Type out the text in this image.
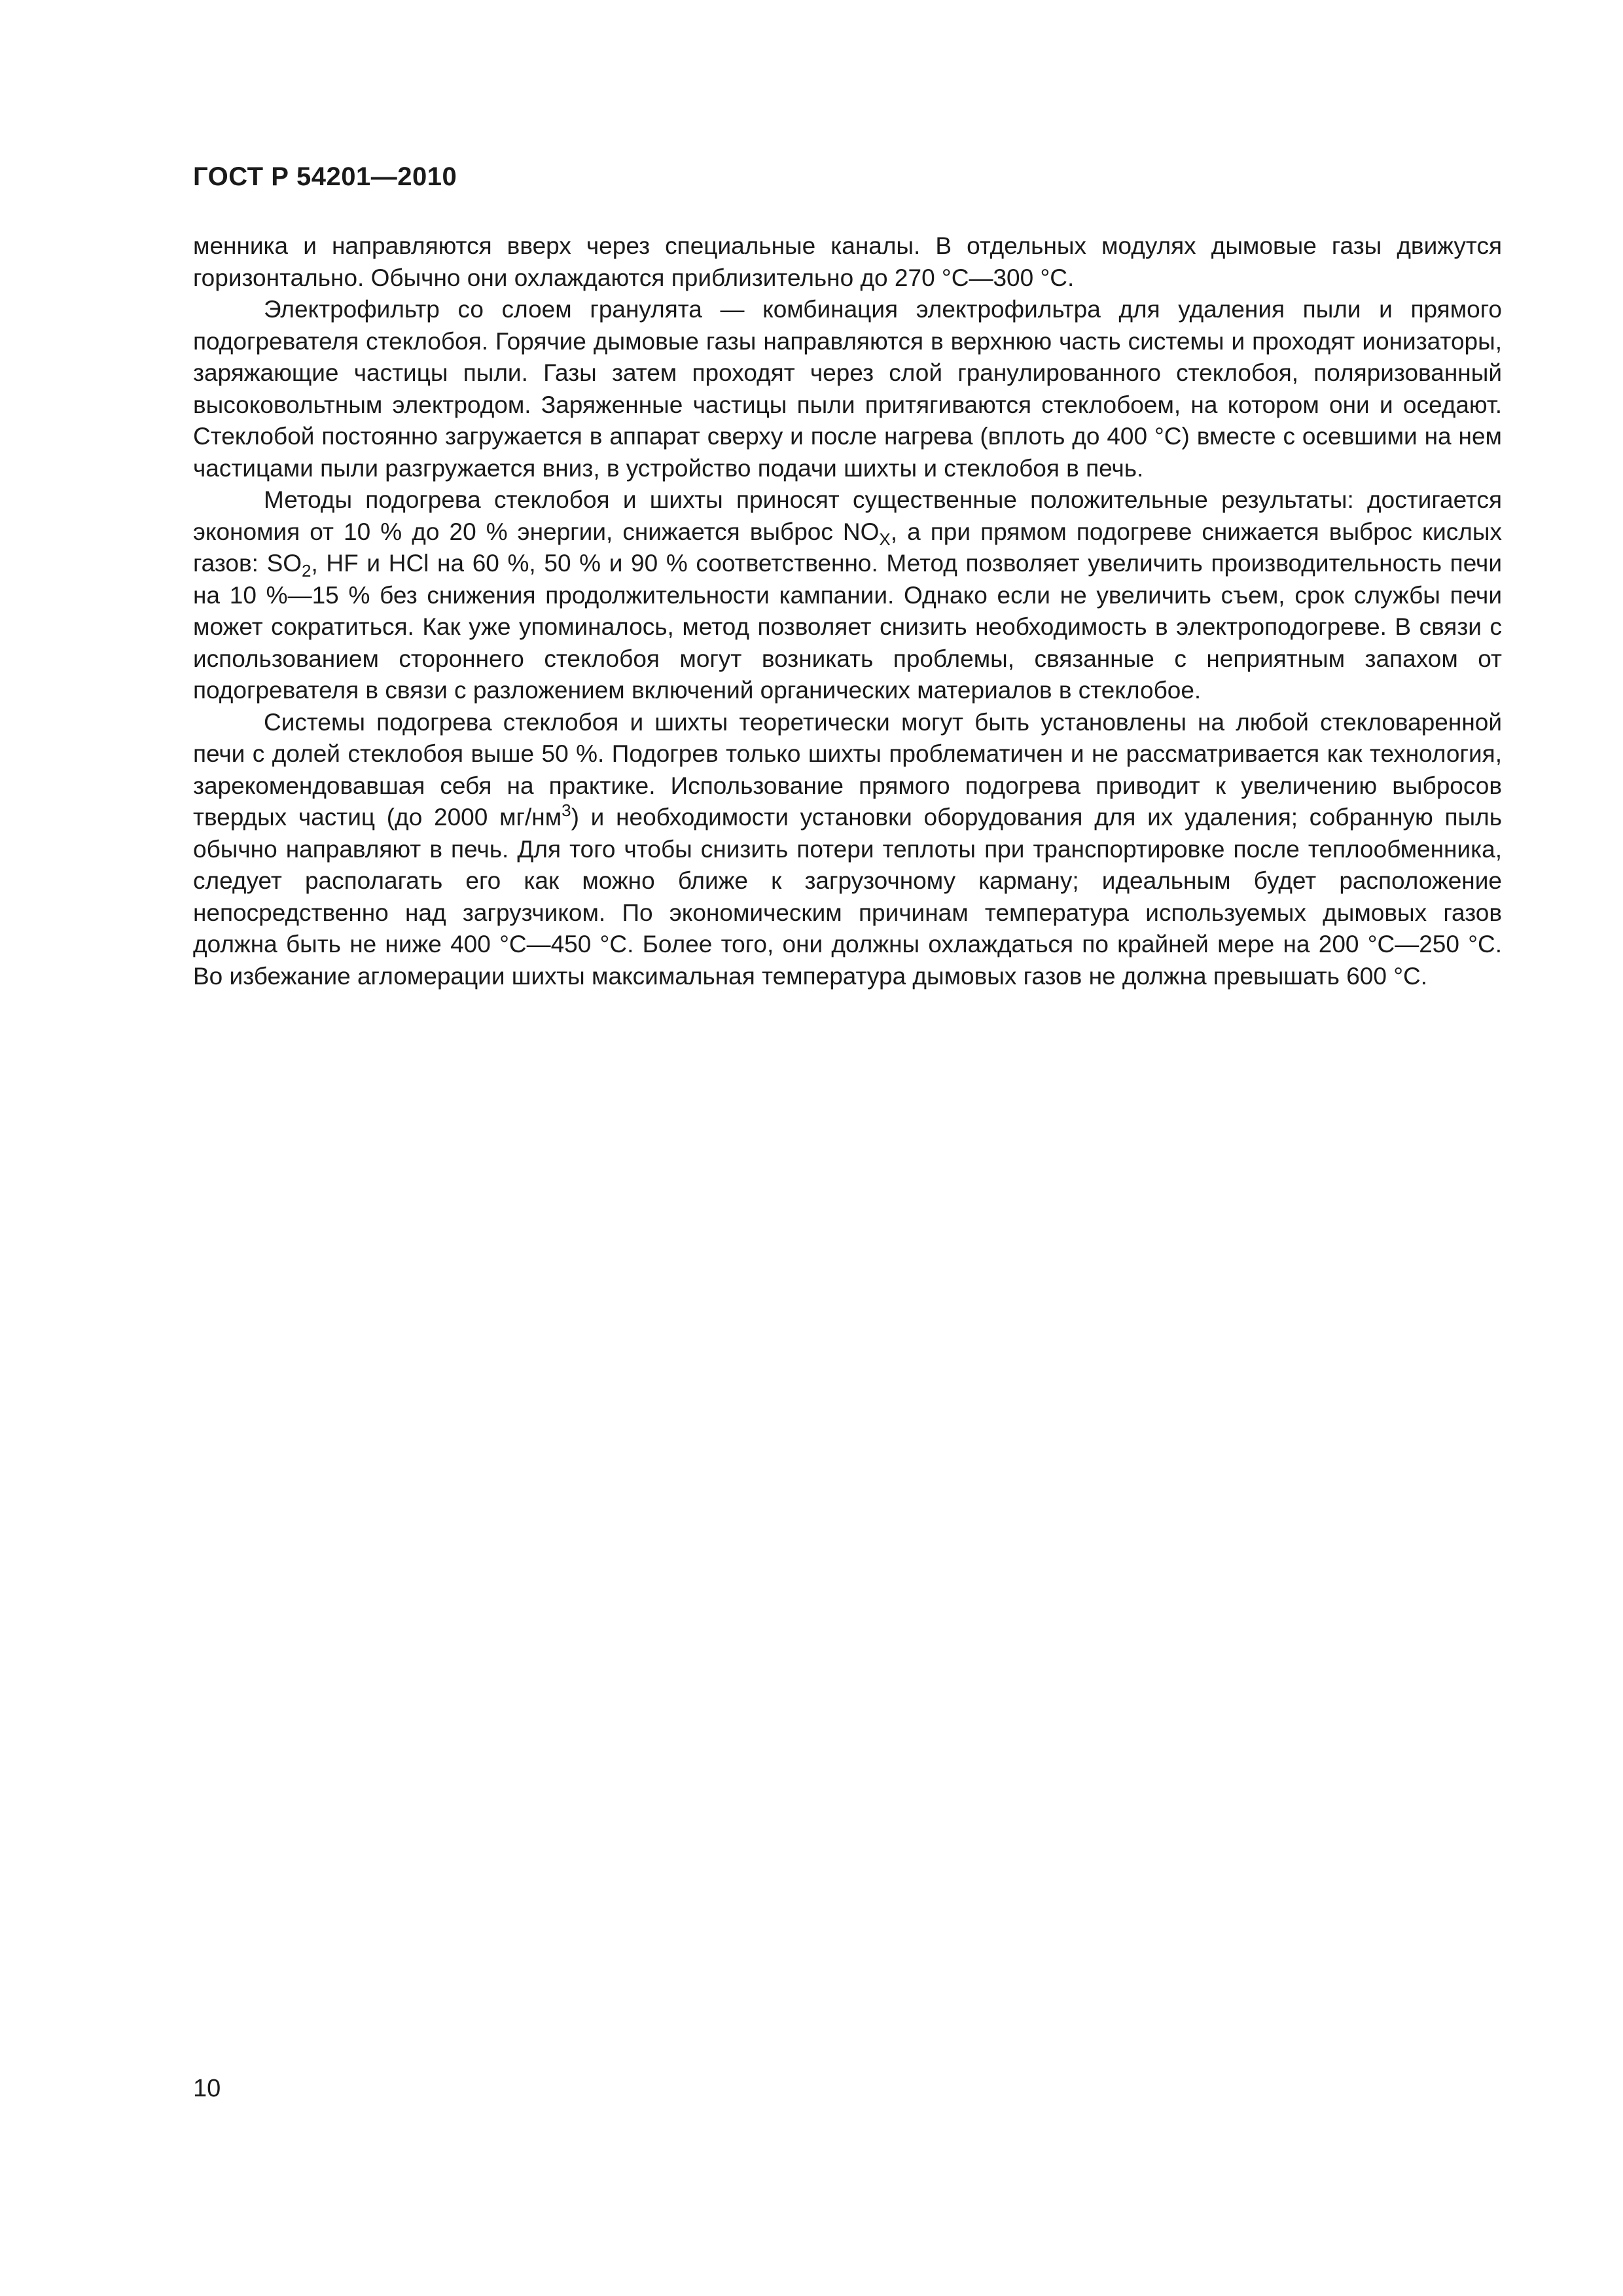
ГОСТ Р 54201—2010

менника и направляются вверх через специальные каналы. В отдельных модулях дымовые газы движутся горизонтально. Обычно они охлаждаются приблизительно до 270 °С—300 °С.

Электрофильтр со слоем гранулята — комбинация электрофильтра для удаления пыли и прямого подогревателя стеклобоя. Горячие дымовые газы направляются в верхнюю часть системы и проходят ионизаторы, заряжающие частицы пыли. Газы затем проходят через слой гранулированного стеклобоя, поляризованный высоковольтным электродом. Заряженные частицы пыли притягиваются стеклобоем, на котором они и оседают. Стеклобой постоянно загружается в аппарат сверху и после нагрева (вплоть до 400 °С) вместе с осевшими на нем частицами пыли разгружается вниз, в устройство подачи шихты и стеклобоя в печь.

Методы подогрева стеклобоя и шихты приносят существенные положительные результаты: достигается экономия от 10 % до 20 % энергии, снижается выброс $NO_X$, а при прямом подогреве снижается выброс кислых газов: $SO_2$, HF и HCl на 60 %, 50 % и 90 % соответственно. Метод позволяет увеличить производительность печи на 10 %—15 % без снижения продолжительности кампании. Однако если не увеличить съем, срок службы печи может сократиться. Как уже упоминалось, метод позволяет снизить необходимость в электроподогреве. В связи с использованием стороннего стеклобоя могут возникать проблемы, связанные с неприятным запахом от подогревателя в связи с разложением включений органических материалов в стеклобое.

Системы подогрева стеклобоя и шихты теоретически могут быть установлены на любой стекловаренной печи с долей стеклобоя выше 50 %. Подогрев только шихты проблематичен и не рассматривается как технология, зарекомендовавшая себя на практике. Использование прямого подогрева приводит к увеличению выбросов твердых частиц (до 2000 $мг/нм^3$) и необходимости установки оборудования для их удаления; собранную пыль обычно направляют в печь. Для того чтобы снизить потери теплоты при транспортировке после теплообменника, следует располагать его как можно ближе к загрузочному карману; идеальным будет расположение непосредственно над загрузчиком. По экономическим причинам температура используемых дымовых газов должна быть не ниже 400 °С—450 °С. Более того, они должны охлаждаться по крайней мере на 200 °С—250 °С. Во избежание агломерации шихты максимальная температура дымовых газов не должна превышать 600 °С.

10
